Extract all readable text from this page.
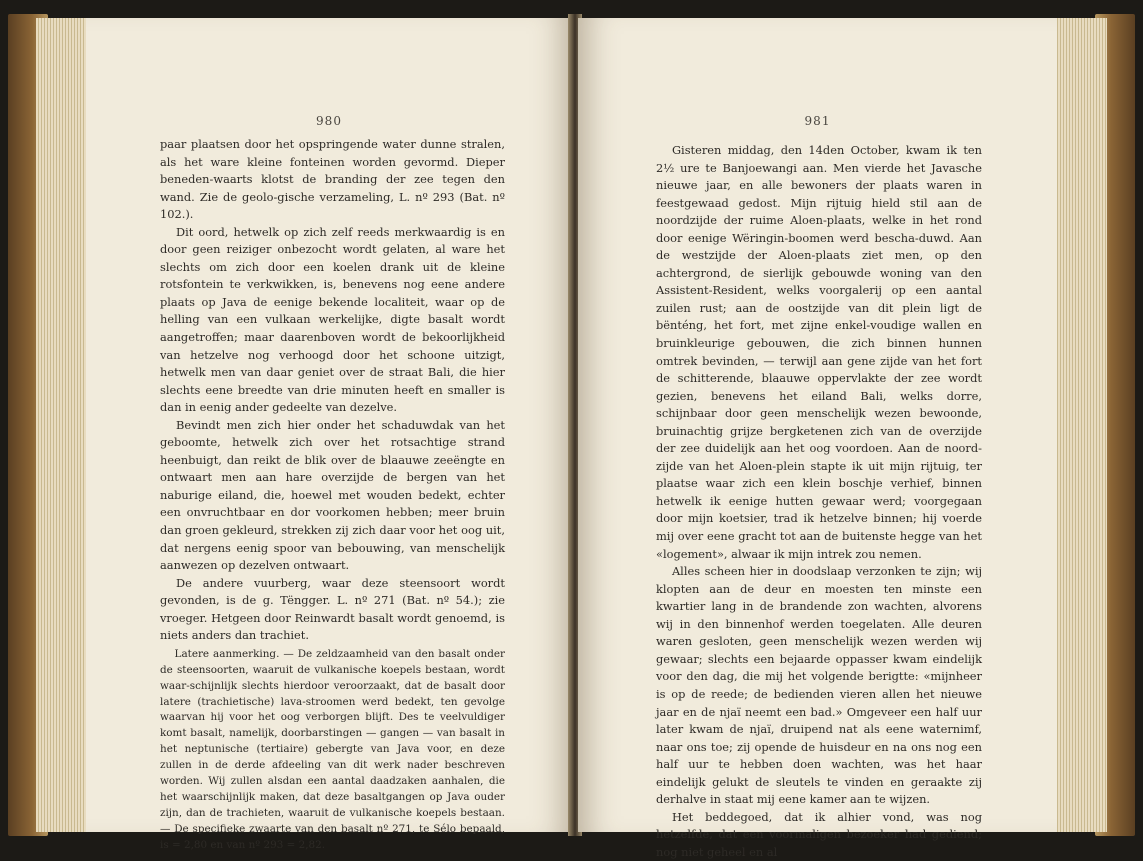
980

paar plaatsen door het opspringende water dunne stralen, als het ware kleine fonteinen worden gevormd. Dieper beneden-waarts klotst de branding der zee tegen den wand. Zie de geolo-gische verzameling, L. nº 293 (Bat. nº 102.).

Dit oord, hetwelk op zich zelf reeds merkwaardig is en door geen reiziger onbezocht wordt gelaten, al ware het slechts om zich door een koelen drank uit de kleine rotsfontein te verkwikken, is, benevens nog eene andere plaats op Java de eenige bekende localiteit, waar op de helling van een vulkaan werkelijke, digte basalt wordt aangetroffen; maar daarenboven wordt de bekoorlijkheid van hetzelve nog verhoogd door het schoone uitzigt, hetwelk men van daar geniet over de straat Bali, die hier slechts eene breedte van drie minuten heeft en smaller is dan in eenig ander gedeelte van dezelve.

Bevindt men zich hier onder het schaduwdak van het geboomte, hetwelk zich over het rotsachtige strand heenbuigt, dan reikt de blik over de blaauwe zeeëngte en ontwaart men aan hare overzijde de bergen van het naburige eiland, die, hoewel met wouden bedekt, echter een onvruchtbaar en dor voorkomen hebben; meer bruin dan groen gekleurd, strekken zij zich daar voor het oog uit, dat nergens eenig spoor van bebouwing, van menschelijk aanwezen op dezelven ontwaart.

De andere vuurberg, waar deze steensoort wordt gevonden, is de g. Tëngger. L. nº 271 (Bat. nº 54.); zie vroeger. Hetgeen door Reinwardt basalt wordt genoemd, is niets anders dan trachiet.

Latere aanmerking. — De zeldzaamheid van den basalt onder de steensoorten, waaruit de vulkanische koepels bestaan, wordt waar-schijnlijk slechts hierdoor veroorzaakt, dat de basalt door latere (trachietische) lava-stroomen werd bedekt, ten gevolge waarvan hij voor het oog verborgen blijft. Des te veelvuldiger komt basalt, namelijk, doorbarstingen — gangen — van basalt in het neptunische (tertiaire) gebergte van Java voor, en deze zullen in de derde afdeeling van dit werk nader beschreven worden. Wij zullen alsdan een aantal daadzaken aanhalen, die het waarschijnlijk maken, dat deze basaltgangen op Java ouder zijn, dan de trachieten, waaruit de vulkanische koepels bestaan. — De specifieke zwaarte van den basalt nº 271, te Sélo bepaald, is = 2,80 en van nº 293 = 2,82.

981

Gisteren middag, den 14den October, kwam ik ten 2½ ure te Banjoewangi aan. Men vierde het Javasche nieuwe jaar, en alle bewoners der plaats waren in feestgewaad gedost. Mijn rijtuig hield stil aan de noordzijde der ruime Aloen-plaats, welke in het rond door eenige Wëringin-boomen werd bescha-duwd. Aan de westzijde der Aloen-plaats ziet men, op den achtergrond, de sierlijk gebouwde woning van den Assistent-Resident, welks voorgalerij op een aantal zuilen rust; aan de oostzijde van dit plein ligt de bënténg, het fort, met zijne enkel-voudige wallen en bruinkleurige gebouwen, die zich binnen hunnen omtrek bevinden, — terwijl aan gene zijde van het fort de schitterende, blaauwe oppervlakte der zee wordt gezien, benevens het eiland Bali, welks dorre, schijnbaar door geen menschelijk wezen bewoonde, bruinachtig grijze bergketenen zich van de overzijde der zee duidelijk aan het oog voordoen. Aan de noord-zijde van het Aloen-plein stapte ik uit mijn rijtuig, ter plaatse waar zich een klein boschje verhief, binnen hetwelk ik eenige hutten gewaar werd; voorgegaan door mijn koetsier, trad ik hetzelve binnen; hij voerde mij over eene gracht tot aan de buitenste hegge van het «logement», alwaar ik mijn intrek zou nemen.

Alles scheen hier in doodslaap verzonken te zijn; wij klopten aan de deur en moesten ten minste een kwartier lang in de brandende zon wachten, alvorens wij in den binnenhof werden toegelaten. Alle deuren waren gesloten, geen menschelijk wezen werden wij gewaar; slechts een bejaarde oppasser kwam eindelijk voor den dag, die mij het volgende berigtte: «mijnheer is op de reede; de bedienden vieren allen het nieuwe jaar en de njaï neemt een bad.» Omgeveer een half uur later kwam de njaï, druipend nat als eene waternimf, naar ons toe; zij opende de huisdeur en na ons nog een half uur te hebben doen wachten, was het haar eindelijk gelukt de sleutels te vinden en geraakte zij derhalve in staat mij eene kamer aan te wijzen.

Het beddegoed, dat ik alhier vond, was nog hetzelfde, dat een voormaligen bezoeker had gediend; nog niet geheel en al
